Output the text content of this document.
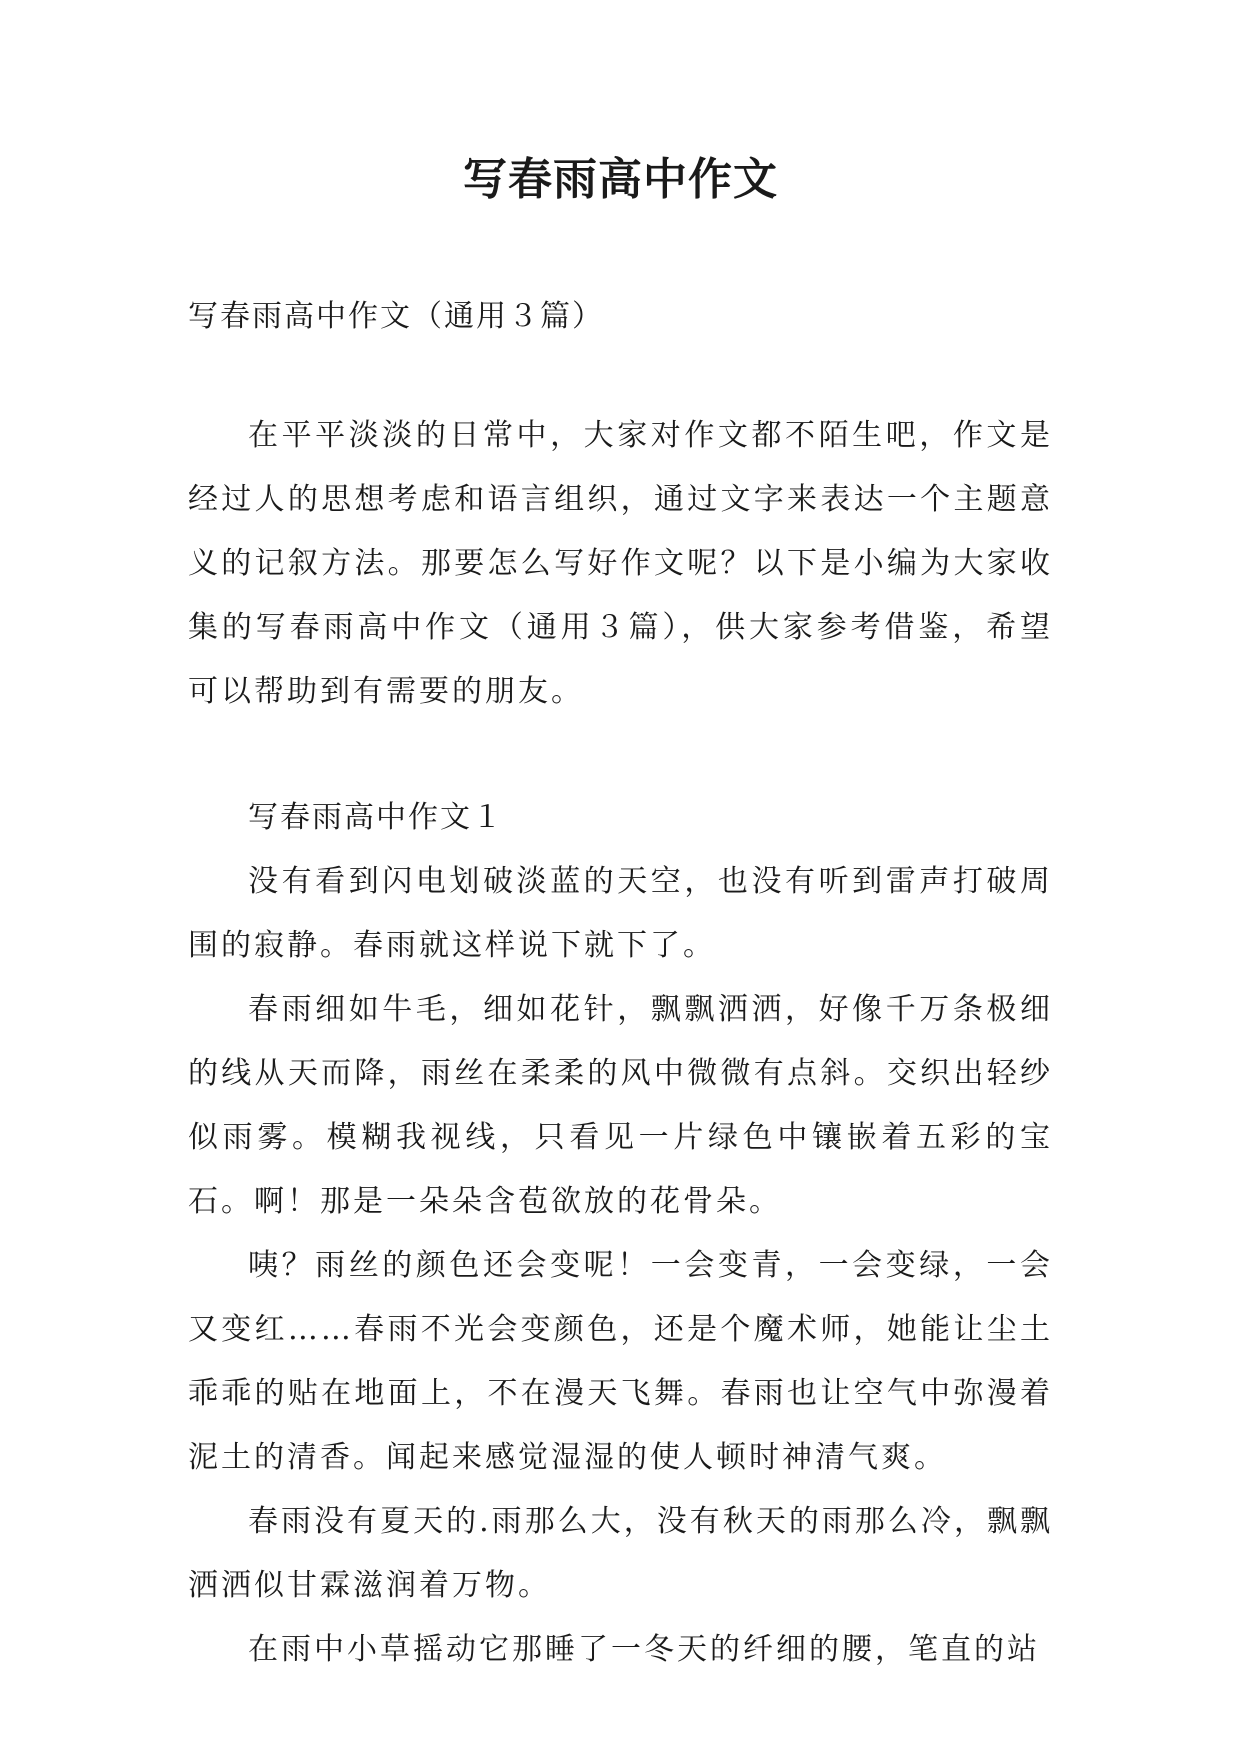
写春雨高中作文

写春雨高中作文（通用３篇）

在平平淡淡的日常中，大家对作文都不陌生吧，作文是经过人的思想考虑和语言组织，通过文字来表达一个主题意义的记叙方法。那要怎么写好作文呢？以下是小编为大家收集的写春雨高中作文（通用３篇），供大家参考借鉴，希望可以帮助到有需要的朋友。

写春雨高中作文１

没有看到闪电划破淡蓝的天空，也没有听到雷声打破周围的寂静。春雨就这样说下就下了。

春雨细如牛毛，细如花针，飘飘洒洒，好像千万条极细的线从天而降，雨丝在柔柔的风中微微有点斜。交织出轻纱似雨雾。模糊我视线，只看见一片绿色中镶嵌着五彩的宝石。啊！那是一朵朵含苞欲放的花骨朵。

咦？雨丝的颜色还会变呢！一会变青，一会变绿，一会又变红……春雨不光会变颜色，还是个魔术师，她能让尘土乖乖的贴在地面上，不在漫天飞舞。春雨也让空气中弥漫着泥土的清香。闻起来感觉湿湿的使人顿时神清气爽。

春雨没有夏天的.雨那么大，没有秋天的雨那么冷，飘飘洒洒似甘霖滋润着万物。

在雨中小草摇动它那睡了一冬天的纤细的腰，笔直的站
